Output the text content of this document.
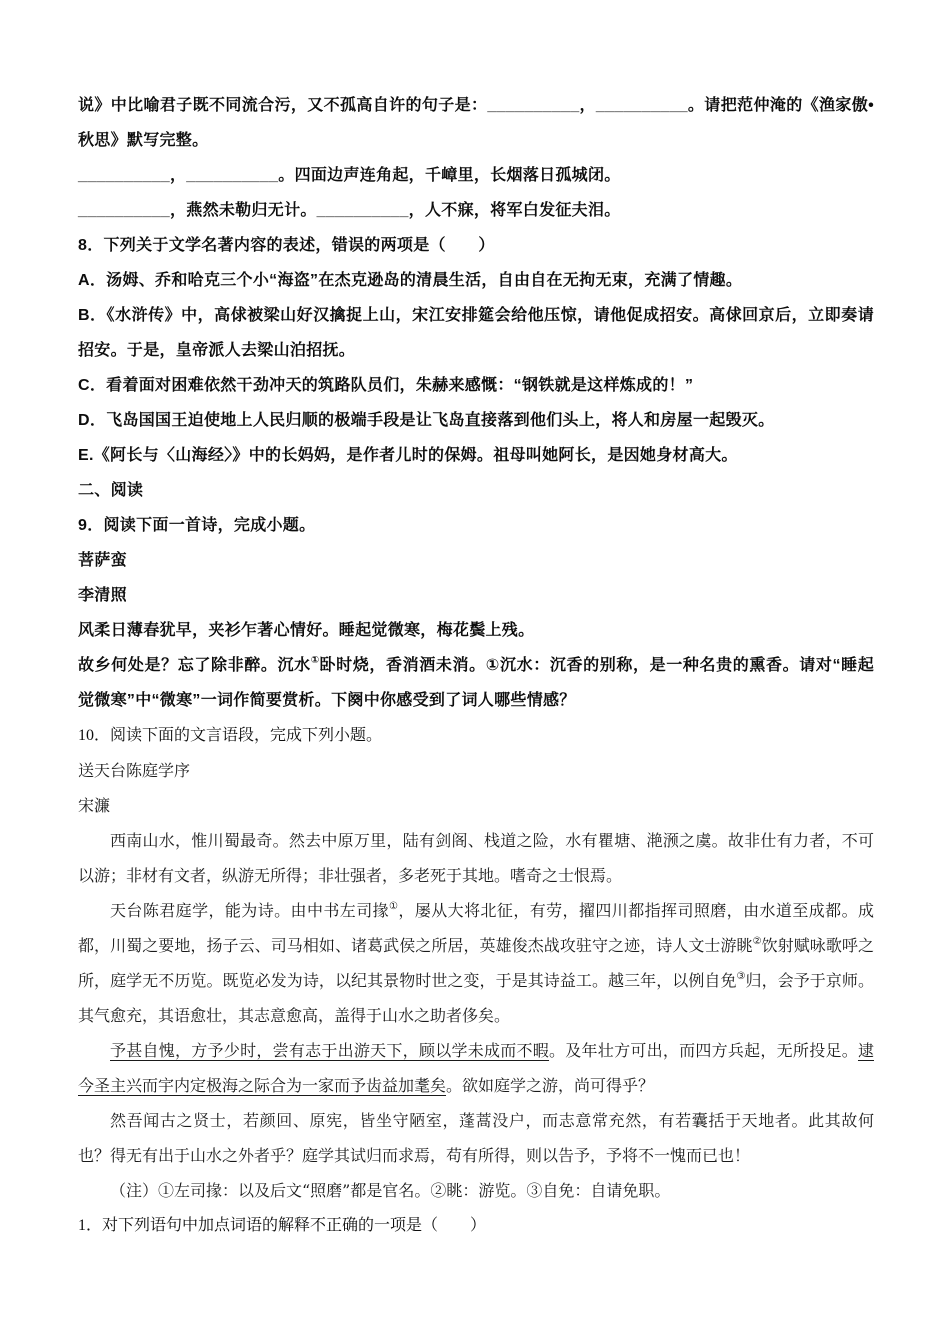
说》中比喻君子既不同流合污，又不孤高自许的句子是：__________，__________。请把范仲淹的《渔家傲•秋思》默写完整。

__________，__________。四面边声连角起，千嶂里，长烟落日孤城闭。

__________，燕然未勒归无计。__________，人不寐，将军白发征夫泪。

8．下列关于文学名著内容的表述，错误的两项是（　　）

A．汤姆、乔和哈克三个小“海盗”在杰克逊岛的清晨生活，自由自在无拘无束，充满了情趣。

B．《水浒传》中，高俅被梁山好汉擒捉上山，宋江安排筵会给他压惊，请他促成招安。高俅回京后，立即奏请招安。于是，皇帝派人去梁山泊招抚。

C．看着面对困难依然干劲冲天的筑路队员们，朱赫来感慨：“钢铁就是这样炼成的！”

D．飞岛国国王迫使地上人民归顺的极端手段是让飞岛直接落到他们头上，将人和房屋一起毁灭。

E.《阿长与〈山海经〉》中的长妈妈，是作者儿时的保姆。祖母叫她阿长，是因她身材高大。

二、阅读

9．阅读下面一首诗，完成小题。

菩萨蛮

李清照

风柔日薄春犹早，夹衫乍著心情好。睡起觉微寒，梅花鬓上残。

故乡何处是？忘了除非醉。沉水①卧时烧，香消酒未消。①沉水：沉香的别称，是一种名贵的熏香。请对“睡起觉微寒”中“微寒”一词作简要赏析。下阕中你感受到了词人哪些情感？

10．阅读下面的文言语段，完成下列小题。

送天台陈庭学序

宋濂

西南山水，惟川蜀最奇。然去中原万里，陆有剑阁、栈道之险，水有瞿塘、滟滪之虞。故非仕有力者，不可以游；非材有文者，纵游无所得；非壮强者，多老死于其地。嗜奇之士恨焉。

天台陈君庭学，能为诗。由中书左司掾①，屡从大将北征，有劳，擢四川都指挥司照磨，由水道至成都。成都，川蜀之要地，扬子云、司马相如、诸葛武侯之所居，英雄俊杰战攻驻守之迹，诗人文士游眺②饮射赋咏歌呼之所，庭学无不历览。既览必发为诗，以纪其景物时世之变，于是其诗益工。越三年，以例自免③归，会予于京师。其气愈充，其语愈壮，其志意愈高，盖得于山水之助者侈矣。

予甚自愧，方予少时，尝有志于出游天下，顾以学未成而不暇。及年壮方可出，而四方兵起，无所投足。逮今圣主兴而宇内定极海之际合为一家而予齿益加耄矣。欲如庭学之游，尚可得乎？

然吾闻古之贤士，若颜回、原宪，皆坐守陋室，蓬蒿没户，而志意常充然，有若囊括于天地者。此其故何也？得无有出于山水之外者乎？庭学其试归而求焉，苟有所得，则以告予，予将不一愧而已也！

（注）①左司掾：以及后文“照磨”都是官名。②眺：游览。③自免：自请免职。

1．对下列语句中加点词语的解释不正确的一项是（　　）
